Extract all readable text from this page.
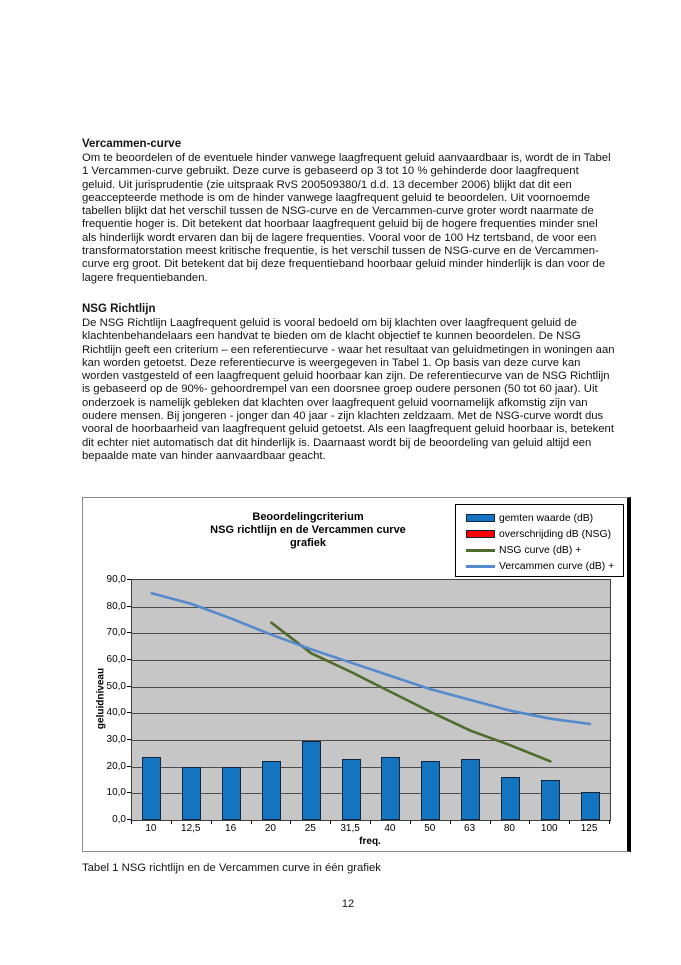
Vercammen-curve
Om te beoordelen of de eventuele hinder vanwege laagfrequent geluid aanvaardbaar is, wordt de in Tabel 1 Vercammen-curve gebruikt. Deze curve is gebaseerd op 3 tot 10 % gehinderde door laagfrequent geluid. Uit jurisprudentie (zie uitspraak RvS 200509380/1 d.d. 13 december 2006) blijkt dat dit een geaccepteerde methode is om de hinder vanwege laagfrequent geluid te beoordelen. Uit voornoemde tabellen blijkt dat het verschil tussen de NSG-curve en de Vercammen-curve groter wordt naarmate de frequentie hoger is. Dit betekent dat hoorbaar laagfrequent geluid bij de hogere frequenties minder snel als hinderlijk wordt ervaren dan bij de lagere frequenties. Vooral voor de 100 Hz tertsband, de voor een transformatorstation meest kritische frequentie, is het verschil tussen de NSG-curve en de Vercammen-curve erg groot. Dit betekent dat bij deze frequentieband hoorbaar geluid minder hinderlijk is dan voor de lagere frequentiebanden.
NSG Richtlijn
De NSG Richtlijn Laagfrequent geluid is vooral bedoeld om bij klachten over laagfrequent geluid de klachtenbehandelaars een handvat te bieden om de klacht objectief te kunnen beoordelen. De NSG Richtlijn geeft een criterium – een referentiecurve - waar het resultaat van geluidmetingen in woningen aan kan worden getoetst. Deze referentiecurve is weergegeven in Tabel 1. Op basis van deze curve kan worden vastgesteld of een laagfrequent geluid hoorbaar kan zijn. De referentiecurve van de NSG Richtlijn is gebaseerd op de 90%- gehoordrempel van een doorsnee groep oudere personen (50 tot 60 jaar). Uit onderzoek is namelijk gebleken dat klachten over laagfrequent geluid voornamelijk afkomstig zijn van oudere mensen. Bij jongeren - jonger dan 40 jaar - zijn klachten zeldzaam. Met de NSG-curve wordt dus vooral de hoorbaarheid van laagfrequent geluid getoetst. Als een laagfrequent geluid hoorbaar is, betekent dit echter niet automatisch dat dit hinderlijk is. Daarnaast wordt bij de beoordeling van geluid altijd een bepaalde mate van hinder aanvaardbaar geacht.
Beoordelingcriterium
NSG richtlijn en de Vercammen curve
grafiek
gemten waarde (dB)
overschrijding dB (NSG)
NSG curve (dB) +
Vercammen curve (dB) +
geluidniveau
freq.
0,0
10,0
20,0
30,0
40,0
50,0
60,0
70,0
80,0
90,0
10	12,5	16	20	25	31,5	40	50	63	80	100	125
Tabel 1 NSG richtlijn en de Vercammen curve in één grafiek
12
